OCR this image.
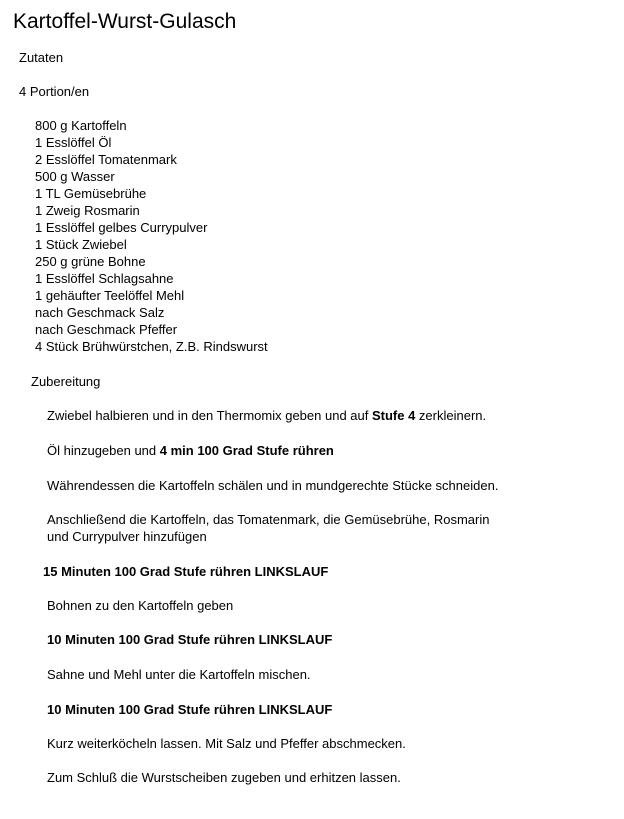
Kartoffel-Wurst-Gulasch
Zutaten
4 Portion/en
800 g Kartoffeln
1 Esslöffel Öl
2 Esslöffel Tomatenmark
500 g Wasser
1 TL Gemüsebrühe
1 Zweig Rosmarin
1 Esslöffel gelbes Currypulver
1 Stück Zwiebel
250 g grüne Bohne
1 Esslöffel Schlagsahne
1 gehäufter Teelöffel Mehl
nach Geschmack Salz
nach Geschmack Pfeffer
4 Stück Brühwürstchen, Z.B. Rindswurst
Zubereitung
Zwiebel halbieren und in den Thermomix geben und auf Stufe 4 zerkleinern.
Öl hinzugeben und 4 min 100 Grad Stufe rühren
Währendessen die Kartoffeln schälen und in mundgerechte Stücke schneiden.
Anschließend die Kartoffeln, das Tomatenmark, die Gemüsebrühe, Rosmarin
und Currypulver hinzufügen
15 Minuten 100 Grad Stufe rühren LINKSLAUF
Bohnen zu den Kartoffeln geben
10 Minuten 100 Grad Stufe rühren LINKSLAUF
Sahne und Mehl unter die Kartoffeln mischen.
10 Minuten 100 Grad Stufe rühren LINKSLAUF
Kurz weiterköcheln lassen. Mit Salz und Pfeffer abschmecken.
Zum Schluß die Wurstscheiben zugeben und erhitzen lassen.
